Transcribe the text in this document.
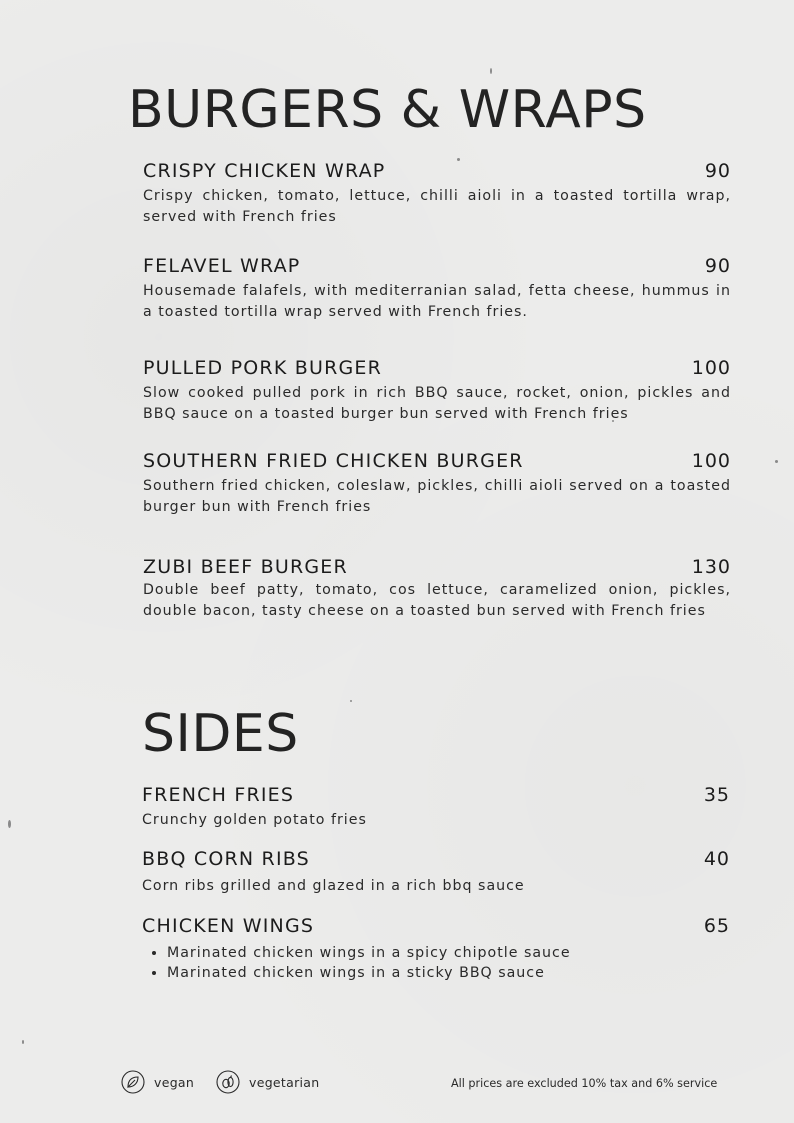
BURGERS & WRAPS
CRISPY CHICKEN WRAP	90

Crispy chicken, tomato, lettuce, chilli aioli in a toasted tortilla wrap, served with French fries

FELAVEL WRAP	90

Housemade falafels, with mediterranian salad, fetta cheese, hummus in a toasted tortilla wrap served with French fries.

PULLED PORK BURGER	100

Slow cooked pulled pork in rich BBQ sauce, rocket, onion, pickles and BBQ sauce on a toasted burger bun served with French fries

SOUTHERN FRIED CHICKEN BURGER	100

Southern fried chicken, coleslaw, pickles, chilli aioli served on a toasted burger bun with French fries

ZUBI BEEF BURGER	130

Double beef patty, tomato, cos lettuce, caramelized onion, pickles, double bacon, tasty cheese on a toasted bun served with French fries

SIDES
FRENCH FRIES	35

Crunchy golden potato fries

BBQ CORN RIBS	40

Corn ribs grilled and glazed in a rich bbq sauce

CHICKEN WINGS	65
• Marinated chicken wings in a spicy chipotle sauce
• Marinated chicken wings in a sticky BBQ sauce
vegan	vegetarian	All prices are excluded 10% tax and 6% service
